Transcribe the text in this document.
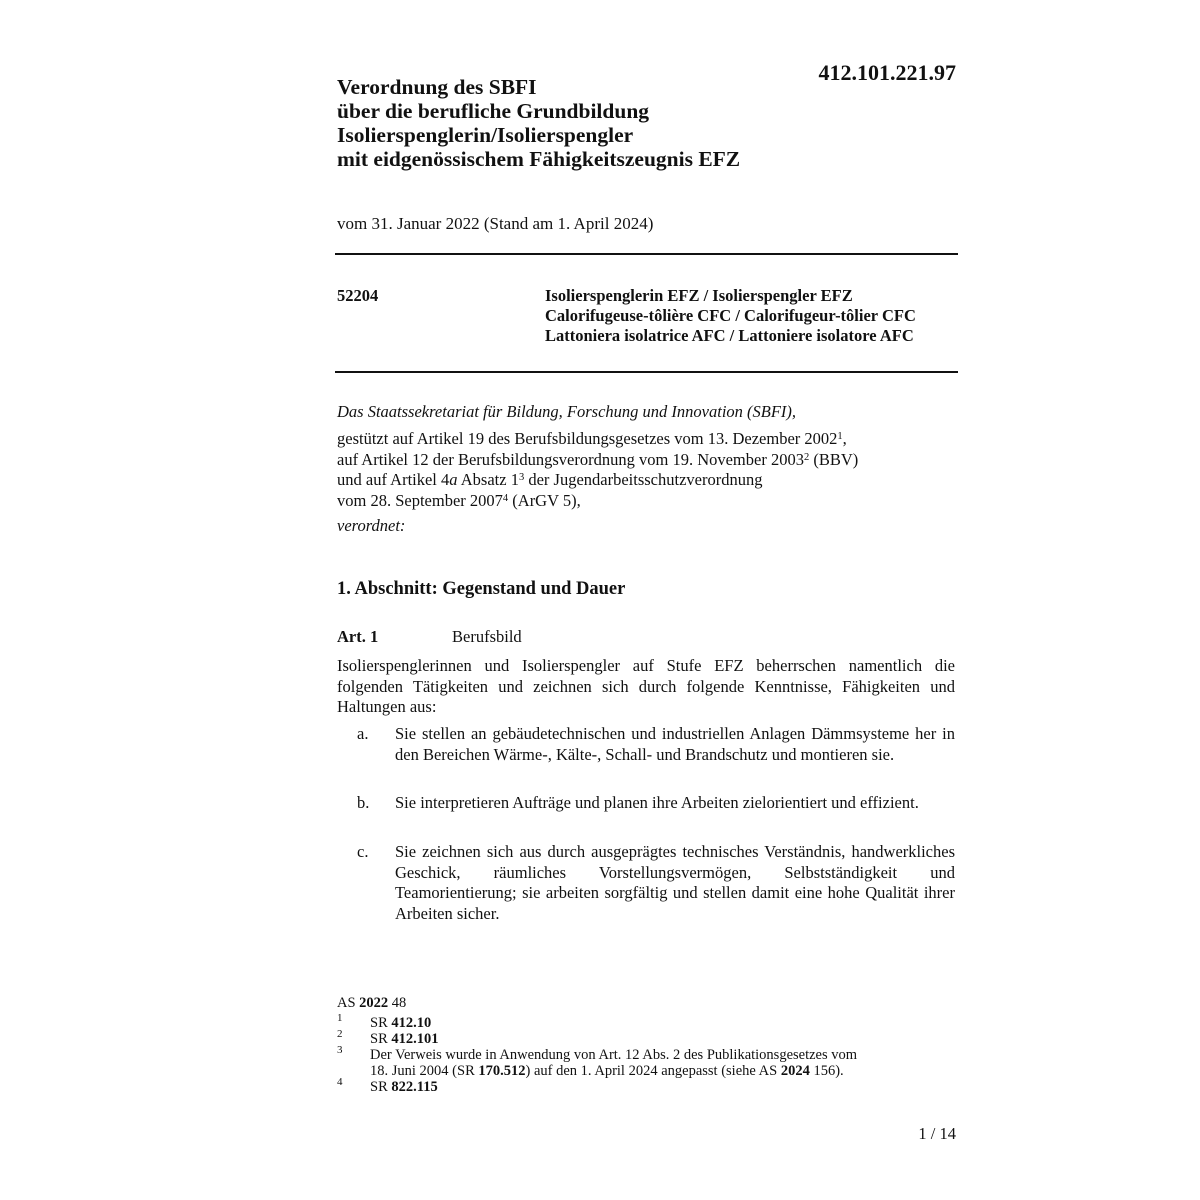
412.101.221.97
Verordnung des SBFI
über die berufliche Grundbildung
Isolierspenglerin/Isolierspengler
mit eidgenössischem Fähigkeitszeugnis EFZ
vom 31. Januar 2022 (Stand am 1. April 2024)
52204	Isolierspenglerin EFZ / Isolierspengler EFZ
Calorifugeuse-tôlière CFC / Calorifugeur-tôlier CFC
Lattoniera isolatrice AFC / Lattoniere isolatore AFC
Das Staatssekretariat für Bildung, Forschung und Innovation (SBFI),
gestützt auf Artikel 19 des Berufsbildungsgesetzes vom 13. Dezember 2002$^1$,
auf Artikel 12 der Berufsbildungsverordnung vom 19. November 2003$^2$ (BBV)
und auf Artikel 4a Absatz $1^3$ der Jugendarbeitsschutzverordnung
vom 28. September 2007$^4$ (ArGV 5),
verordnet:
1. Abschnitt: Gegenstand und Dauer
Art. 1	Berufsbild
Isolierspenglerinnen und Isolierspengler auf Stufe EFZ beherrschen namentlich die folgenden Tätigkeiten und zeichnen sich durch folgende Kenntnisse, Fähigkeiten und Haltungen aus:
a. Sie stellen an gebäudetechnischen und industriellen Anlagen Dämmsysteme her in den Bereichen Wärme-, Kälte-, Schall- und Brandschutz und montieren sie.
b. Sie interpretieren Aufträge und planen ihre Arbeiten zielorientiert und effizient.
c. Sie zeichnen sich aus durch ausgeprägtes technisches Verständnis, handwerkliches Geschick, räumliches Vorstellungsvermögen, Selbstständigkeit und Teamorientierung; sie arbeiten sorgfältig und stellen damit eine hohe Qualität ihrer Arbeiten sicher.
AS 2022 48
1 SR 412.10
2 SR 412.101
3 Der Verweis wurde in Anwendung von Art. 12 Abs. 2 des Publikationsgesetzes vom
18. Juni 2004 (SR 170.512) auf den 1. April 2024 angepasst (siehe AS 2024 156).
4 SR 822.115
1 / 14
